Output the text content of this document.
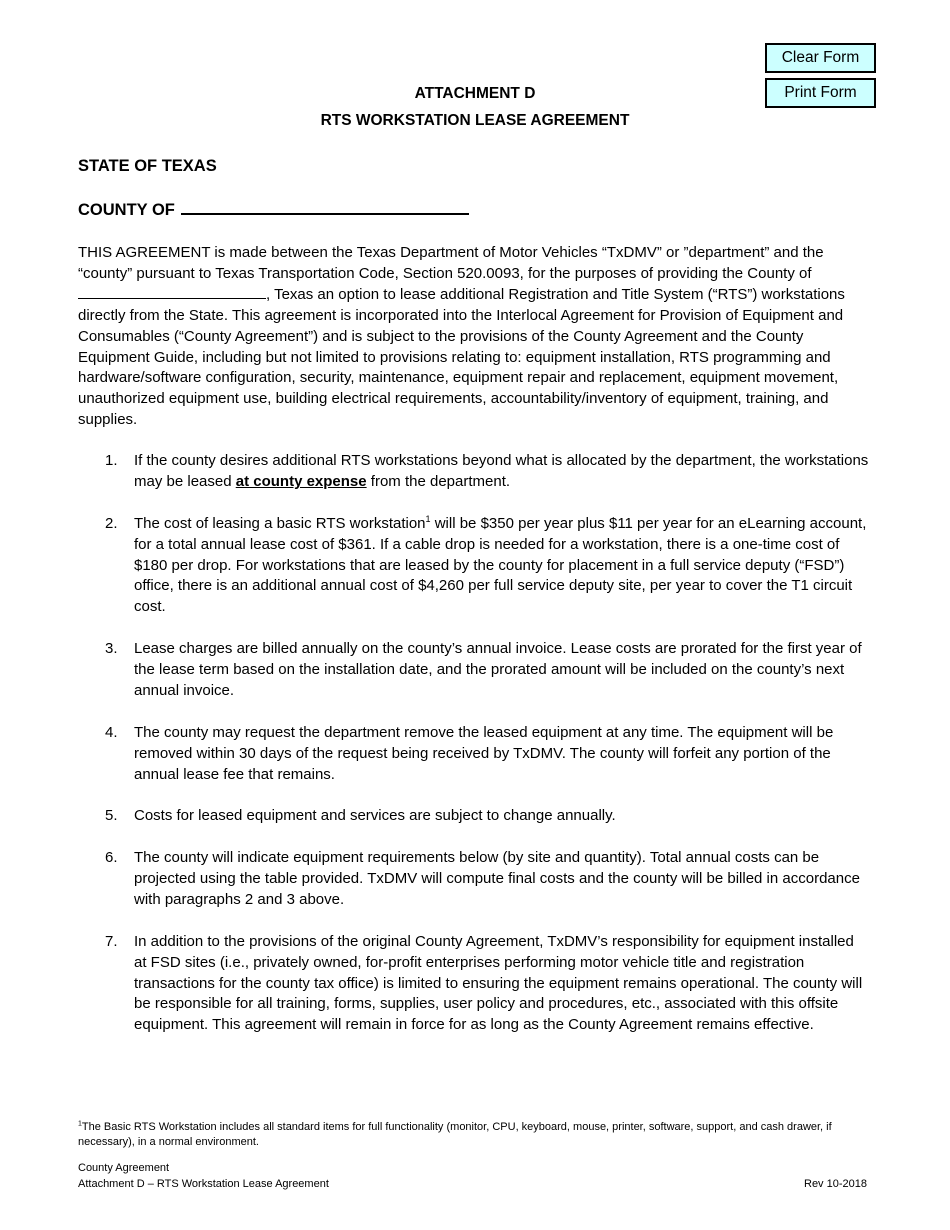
Clear Form
Print Form
ATTACHMENT D
RTS WORKSTATION LEASE AGREEMENT
STATE OF TEXAS
COUNTY OF

THIS AGREEMENT is made between the Texas Department of Motor Vehicles “TxDMV” or ”department” and the “county” pursuant to Texas Transportation Code, Section 520.0093, for the purposes of providing the County of , Texas an option to lease additional Registration and Title System (“RTS”) workstations directly from the State. This agreement is incorporated into the Interlocal Agreement for Provision of Equipment and Consumables (“County Agreement”) and is subject to the provisions of the County Agreement and the County Equipment Guide, including but not limited to provisions relating to: equipment installation, RTS programming and hardware/software configuration, security, maintenance, equipment repair and replacement, equipment movement, unauthorized equipment use, building electrical requirements, accountability/inventory of equipment, training, and supplies.

1. If the county desires additional RTS workstations beyond what is allocated by the department, the workstations may be leased at county expense from the department.
2. The cost of leasing a basic RTS workstation$^1$ will be $350 per year plus $11 per year for an eLearning account, for a total annual lease cost of $361. If a cable drop is needed for a workstation, there is a one-time cost of $180 per drop. For workstations that are leased by the county for placement in a full service deputy (“FSD”) office, there is an additional annual cost of $4,260 per full service deputy site, per year to cover the T1 circuit cost.
3. Lease charges are billed annually on the county’s annual invoice. Lease costs are prorated for the first year of the lease term based on the installation date, and the prorated amount will be included on the county’s next annual invoice.
4. The county may request the department remove the leased equipment at any time. The equipment will be removed within 30 days of the request being received by TxDMV. The county will forfeit any portion of the annual lease fee that remains.
5. Costs for leased equipment and services are subject to change annually.
6. The county will indicate equipment requirements below (by site and quantity). Total annual costs can be projected using the table provided. TxDMV will compute final costs and the county will be billed in accordance with paragraphs 2 and 3 above.
7. In addition to the provisions of the original County Agreement, TxDMV’s responsibility for equipment installed at FSD sites (i.e., privately owned, for-profit enterprises performing motor vehicle title and registration transactions for the county tax office) is limited to ensuring the equipment remains operational. The county will be responsible for all training, forms, supplies, user policy and procedures, etc., associated with this offsite equipment. This agreement will remain in force for as long as the County Agreement remains effective.
$^1$The Basic RTS Workstation includes all standard items for full functionality (monitor, CPU, keyboard, mouse, printer, software, support, and cash drawer, if necessary), in a normal environment.
County Agreement
Attachment D – RTS Workstation Lease Agreement	Rev 10-2018
